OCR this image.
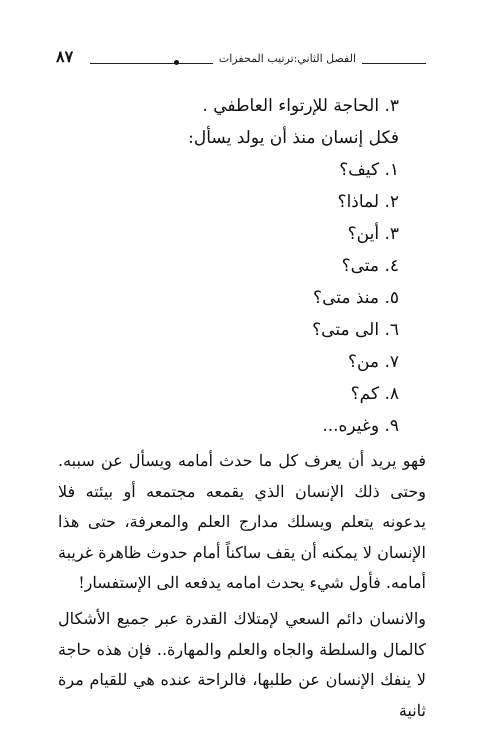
الفصل الثاني:ترتيب المحفزات
٨٧
٣. الحاجة للإرتواء العاطفي .
فكل إنسان منذ أن يولد يسأل:
١. كيف؟
٢. لماذا؟
٣. أين؟
٤. متى؟
٥. منذ متى؟
٦. الى متى؟
٧. من؟
٨. كم؟
٩. وغيره...

فهو يريد أن يعرف كل ما حدث أمامه ويسأل عن سببه. وحتى ذلك الإنسان الذي يقمعه مجتمعه أو بيئته فلا يدعونه يتعلم ويسلك مدارج العلم والمعرفة، حتى هذا الإنسان لا يمكنه أن يقف ساكناً أمام حدوث ظاهرة غريبة أمامه. فأول شيء يحدث امامه يدفعه الى الإستفسار!

والانسان دائم السعي لإمتلاك القدرة عبر جميع الأشكال كالمال والسلطة والجاه والعلم والمهارة.. فإن هذه حاجة لا ينفك الإنسان عن طلبها، فالراحة عنده هي للقيام مرة ثانية
